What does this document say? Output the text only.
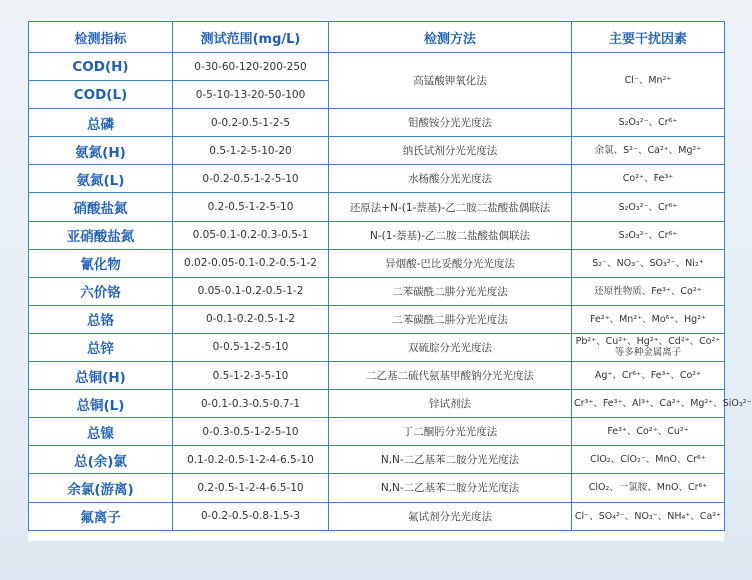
检测指标	测试范围(mg/L)	检测方法	主要干扰因素
COD(H)	0-30-60-120-200-250	高锰酸钾氧化法	Cl⁻、Mn²⁺
COD(L)	0-5-10-13-20-50-100		
总磷	0-0.2-0.5-1-2-5	钼酸铵分光光度法	S₂O₃²⁻、Cr⁶⁺
氨氮(H)	0.5-1-2-5-10-20	纳氏试剂分光光度法	余氯、S²⁻、Ca²⁺、Mg²⁺
氨氮(L)	0-0.2-0.5-1-2-5-10	水杨酸分光光度法	Co²⁺、Fe³⁺
硝酸盐氮	0.2-0.5-1-2-5-10	还原法+N-(1-萘基)-乙二胺二盐酸盐偶联法	S₂O₃²⁻、Cr⁶⁺
亚硝酸盐氮	0.05-0.1-0.2-0.3-0.5-1	N-(1-萘基)-乙二胺二盐酸盐偶联法	S₂O₃²⁻、Cr⁶⁺
氰化物	0.02-0.05-0.1-0.2-0.5-1-2	异烟酸-巴比妥酸分光光度法	S₂⁻、NO₃⁻、SO₃²⁻、Ni₂⁺
六价铬	0.05-0.1-0.2-0.5-1-2	二苯碳酰二肼分光光度法	还原性物质、Fe³⁺、Co²⁺
总铬	0-0.1-0.2-0.5-1-2	二苯碳酰二肼分光光度法	Fe²⁺、Mn²⁺、Mo⁶⁺、Hg²⁺
总锌	0-0.5-1-2-5-10	双硫腙分光光度法	Pb²⁺、Cu²⁺、Hg²⁺、Cd²⁺、Co²⁺
等多种金属离子
总铜(H)	0.5-1-2-3-5-10	二乙基二硫代氨基甲酸钠分光光度法	Ag⁺、Cr⁶⁺、Fe³⁺、Co²⁺
总铜(L)	0-0.1-0.3-0.5-0.7-1	锌试剂法	Cr³⁺、Fe³⁺、Al³⁺、Ca²⁺、Mg²⁺、SiO₃²⁻
总镍	0-0.3-0.5-1-2-5-10	丁二酮肟分光光度法	Fe³⁺、Co²⁺、Cu²⁺
总(余)氯	0.1-0.2-0.5-1-2-4-6.5-10	N,N-二乙基苯二胺分光光度法	ClO₂、ClO₂⁻、MnO、Cr⁶⁺
余氯(游离)	0.2-0.5-1-2-4-6.5-10	N,N-二乙基苯二胺分光光度法	ClO₂、一氯胺、MnO、Cr⁶⁺
氟离子	0-0.2-0.5-0.8-1.5-3	氟试剂分光光度法	Cl⁻、SO₄²⁻、NO₃⁻、NH₄⁺、Ca²⁺
